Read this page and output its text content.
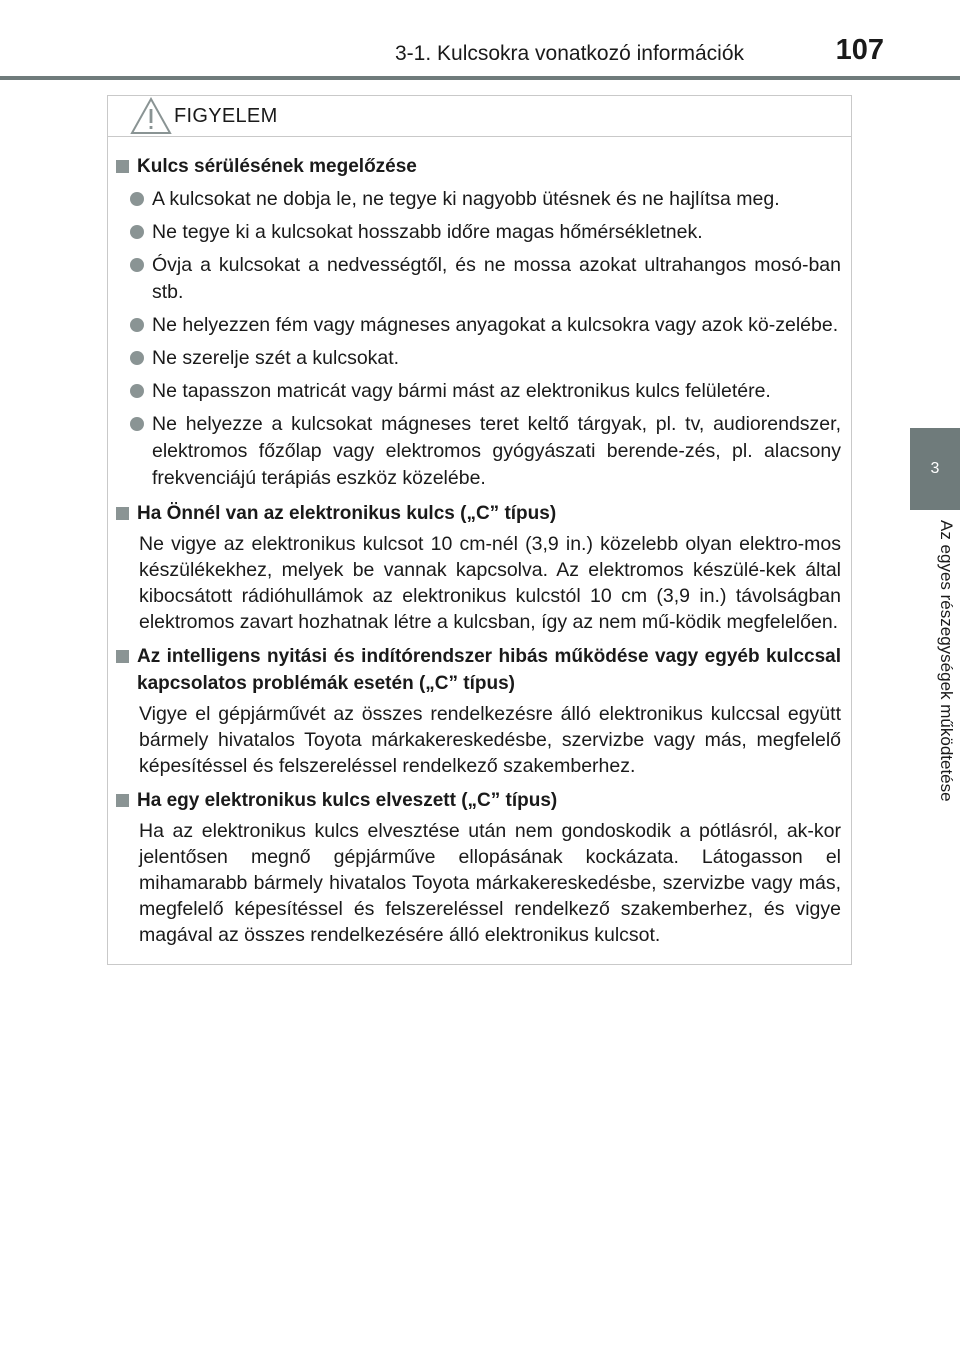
3-1. Kulcsokra vonatkozó információk	107
3
Az egyes részegységek működtetése
FIGYELEM
Kulcs sérülésének megelőzése
A kulcsokat ne dobja le, ne tegye ki nagyobb ütésnek és ne hajlítsa meg.
Ne tegye ki a kulcsokat hosszabb időre magas hőmérsékletnek.
Óvja a kulcsokat a nedvességtől, és ne mossa azokat ultrahangos mosó-ban stb.
Ne helyezzen fém vagy mágneses anyagokat a kulcsokra vagy azok kö-zelébe.
Ne szerelje szét a kulcsokat.
Ne tapasszon matricát vagy bármi mást az elektronikus kulcs felületére.
Ne helyezze a kulcsokat mágneses teret keltő tárgyak, pl. tv, audiorendszer, elektromos főzőlap vagy elektromos gyógyászati berende-zés, pl. alacsony frekvenciájú terápiás eszköz közelébe.
Ha Önnél van az elektronikus kulcs („C” típus)
Ne vigye az elektronikus kulcsot 10 cm-nél (3,9 in.) közelebb olyan elektro-mos készülékekhez, melyek be vannak kapcsolva. Az elektromos készülé-kek által kibocsátott rádióhullámok az elektronikus kulcstól 10 cm (3,9 in.) távolságban elektromos zavart hozhatnak létre a kulcsban, így az nem mű-ködik megfelelően.
Az intelligens nyitási és indítórendszer hibás működése vagy egyéb kulccsal kapcsolatos problémák esetén („C” típus)
Vigye el gépjárművét az összes rendelkezésre álló elektronikus kulccsal együtt bármely hivatalos Toyota márkakereskedésbe, szervizbe vagy más, megfelelő képesítéssel és felszereléssel rendelkező szakemberhez.
Ha egy elektronikus kulcs elveszett („C” típus)
Ha az elektronikus kulcs elvesztése után nem gondoskodik a pótlásról, ak-kor jelentősen megnő gépjárműve ellopásának kockázata. Látogasson el mihamarabb bármely hivatalos Toyota márkakereskedésbe, szervizbe vagy más, megfelelő képesítéssel és felszereléssel rendelkező szakemberhez, és vigye magával az összes rendelkezésére álló elektronikus kulcsot.
